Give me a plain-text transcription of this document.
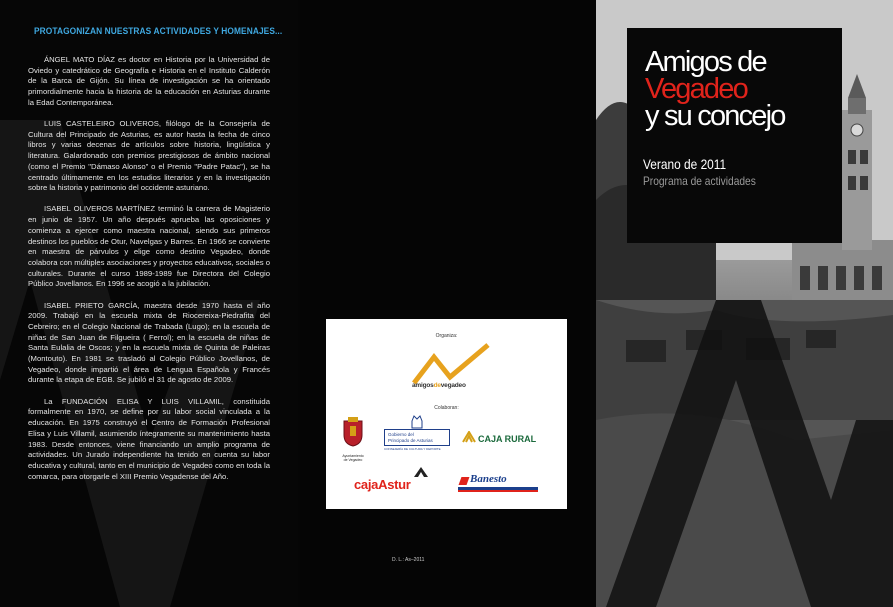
PROTAGONIZAN NUESTRAS ACTIVIDADES Y HOMENAJES...

ÁNGEL MATO DÍAZ es doctor en Historia por la Universidad de Oviedo y catedrático de Geografía e Historia en el Instituto Calderón de la Barca de Gijón. Su línea de investigación se ha orientado primordialmente hacia la historia de la educación en Asturias durante la Edad Contemporánea.

LUIS CASTELEIRO OLIVEROS, filólogo de la Consejería de Cultura del Principado de Asturias, es autor hasta la fecha de cinco libros y varias decenas de artículos sobre historia, lingüística y literatura. Galardonado con premios prestigiosos de ámbito nacional (como el Premio "Dámaso Alonso" o el Premio "Padre Patac"), se ha centrado últimamente en los estudios literarios y en la investigación sobre la historia y patrimonio del occidente asturiano.

ISABEL OLIVEROS MARTÍNEZ terminó la carrera de Magisterio en junio de 1957. Un año después aprueba las oposiciones y comienza a ejercer como maestra nacional, siendo sus primeros destinos los pueblos de Otur, Navelgas y Barres. En 1966 se convierte en maestra de párvulos y elige como destino Vegadeo, donde colabora con múltiples asociaciones y proyectos educativos, sociales o culturales. Durante el curso 1989-1989 fue Directora del Colegio Público Jovellanos. En 1996 se acogió a la jubilación.

ISABEL PRIETO GARCÍA, maestra desde 1970 hasta el año 2009. Trabajó en la escuela mixta de Riocereixa-Piedrafita del Cebreiro; en el Colegio Nacional de Trabada (Lugo); en la escuela de niñas de San Juan de Filgueira ( Ferrol); en la escuela de niñas de Santa Eulalia de Oscos; y en la escuela mixta de Quinta de Paleiras (Montouto). En 1981 se trasladó al Colegio Público Jovellanos, de Vegadeo, donde impartió el área de Lengua Española y Francés durante la etapa de EGB. Se jubiló el 31 de agosto de 2009.

La FUNDACIÓN ELISA Y LUIS VILLAMIL, constituida formalmente en 1970, se define por su labor social vinculada a la educación. En 1975 construyó el Centro de Formación Profesional Elisa y Luis Villamil, asumiendo íntegramente su mantenimiento hasta 1983. Desde entonces, viene financiando un amplio programa de actividades. Un Jurado independiente ha tenido en cuenta su labor educativa y cultural, tanto en el municipio de Vegadeo como en toda la comarca, para otorgarle el XIII Premio Vegadense del Año.

Organiza:
amigosdevegadeo
Colaboran:
Ayuntamiento
de Vegadeo
Gobierno del
Principado de Asturias
CONSEJERÍA DE CULTURA Y DEPORTE
CAJA RURAL
cajaAstur	Banesto
D. L.: As–2011
Amigos de
Vegadeo
y su concejo
Verano de 2011
Programa de actividades
